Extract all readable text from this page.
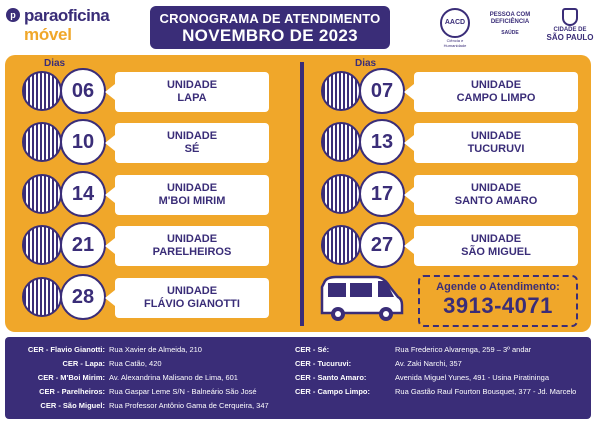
p paraoficina
móvel
CRONOGRAMA DE ATENDIMENTO
NOVEMBRO DE 2023
AACD
Ciência e Humanidade
PESSOA COM DEFICIÊNCIA
SAÚDE	CIDADE DE
SÃO PAULO
Dias	Dias
06	UNIDADE
LAPA
10	UNIDADE
SÉ
14	UNIDADE
M'BOI MIRIM
21	UNIDADE
PARELHEIROS
28	UNIDADE
FLÁVIO GIANOTTI
07	UNIDADE
CAMPO LIMPO
13	UNIDADE
TUCURUVI
17	UNIDADE
SANTO AMARO
27	UNIDADE
SÃO MIGUEL
Agende o Atendimento:
3913-4071
CER - Flavio Gianotti: Rua Xavier de Almeida, 210
CER - Lapa: Rua Catão, 420
CER - M'Boi Mirim: Av. Alexandrina Malisano de Lima, 601
CER - Parelheiros: Rua Gaspar Leme S/N - Balneário São José
CER - São Miguel: Rua Professor Antônio Gama de Cerqueira, 347
CER - Sé:	Rua Frederico Alvarenga, 259 – 3º andar
CER - Tucuruvi:	Av. Zaki Narchi, 357
CER - Santo Amaro:	Avenida Miguel Yunes, 491 - Usina Piratininga
CER - Campo Limpo:	Rua Gastão Raul Fourton Bousquet, 377 - Jd. Marcelo
